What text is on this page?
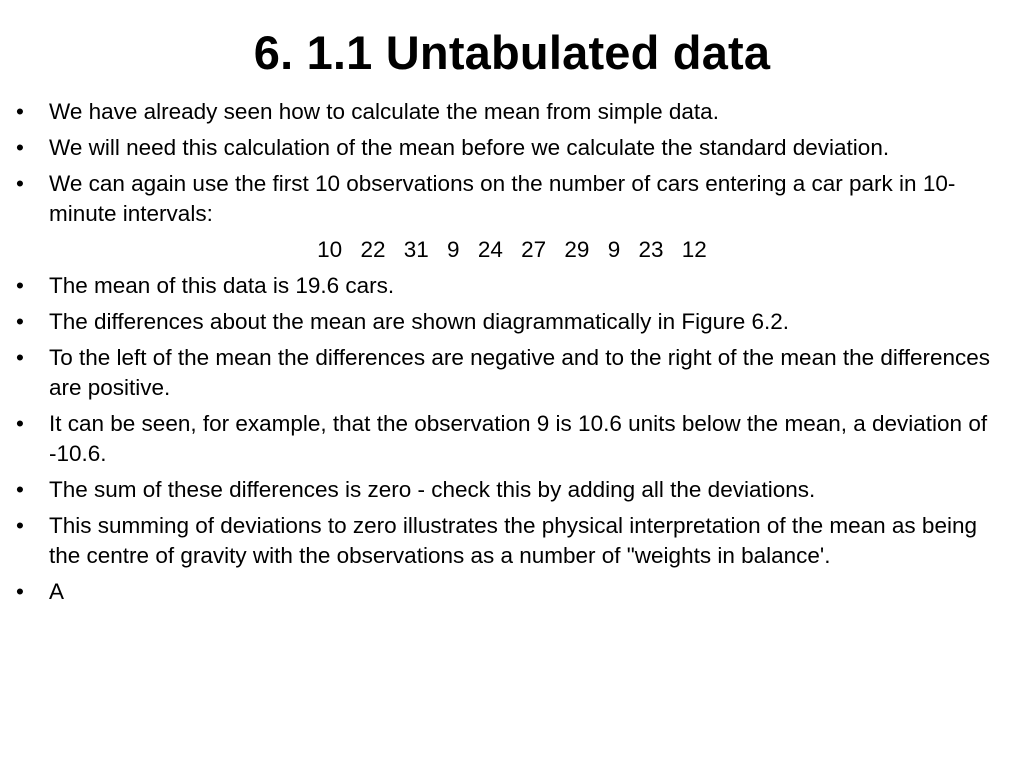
6. 1.1 Untabulated data
• We have already seen how to calculate the mean from simple data.
• We will need this calculation of the mean before we calculate the standard deviation.
• We can again use the first 10 observations on the number of cars entering a car park in 10-minute intervals:
10 22 31 9 24 27 29 9 23 12
• The mean of this data is 19.6 cars.
• The differences about the mean are shown diagrammatically in Figure 6.2.
• To the left of the mean the differences are negative and to the right of the mean the differences are positive.
• It can be seen, for example, that the observation 9 is 10.6 units below the mean, a deviation of -10.6.
• The sum of these differences is zero - check this by adding all the deviations.
• This summing of deviations to zero illustrates the physical interpretation of the mean as being the centre of gravity with the observations as a number of "weights in balance'.
• A
